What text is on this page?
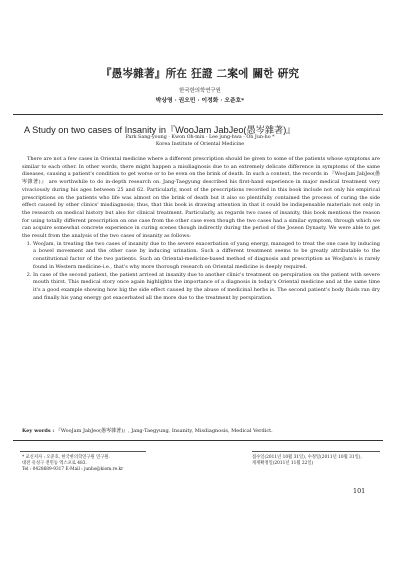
『愚岑雜著』所在 狂證 二案에 關한 硏究
한국한의학연구원
박상영 · 권오민 · 이정화 · 오준호*
A Study on two cases of Insanity in『WooJam JabJeo(愚岑雜著)』
Park Sang-young · Kwon Oh-min · Lee jung-hwa · Oh Jun-ho *
Korea Institute of Oriental Medicine

There are not a few cases in Oriental medicine where a different prescription should be given to some of the patients whose symptoms are similar to each other. In other words, there might happen a misdiagnosis due to an extremely delicate difference in symptoms of the same diseases, causing a patient's condition to get worse or to be even on the brink of death. In such a context, the records in 『WooJam JabJeo(愚岑雜著)』 are worthwhile to do in-depth research on. Jang-Taegyung described his first-hand experience in major medical treatment very vivaciously during his ages between 25 and 62. Particularly, most of the prescriptions recorded in this book include not only his empirical prescriptions on the patients who life was almost on the brink of death but it also so plentifully contained the process of curing the side effect caused by other clinics' misdiagnosis; thus, that this book is drawing attention in that it could be indispensable materials not only in the research on medical history but also for clinical treatment. Particularly, as regards two cases of insanity, this book mentions the reason for using totally different prescription on one case from the other case even though the two cases had a similar symptom, through which we can acquire somewhat concrete experience in curing scenes though indirectly during the period of the Joseon Dynasty. We were able to get the result from the analysis of the two cases of insanity as follows:

1. WooJam, in treating the two cases of insanity due to the severe exacerbation of yang energy, managed to treat the one case by inducing a bowel movement and the other case by inducing urination. Such a different treatment seems to be greatly attributable to the constitutional factor of the two patients. Such an Oriental-medicine-based method of diagnosis and prescription as WooJam's is rarely found in Western medicine-i.e., that's why more thorough research on Oriental medicine is deeply required.
2. In case of the second patient, the patient arrived at insanity due to another clinic's treatment on perspiration on the patient with severe mouth thirst. This medical story once again highlights the importance of a diagnosis in today's Oriental medicine and at the same time it's a good example showing how big the side effect caused by the abuse of medicinal herbs is. The second patient's body fluids ran dry and finally his yang energy got exacerbated all the more due to the treatment by perspiration.
Key words : 『WooJam JabJeo(愚岑雜著)』, Jang-Taegyung, Insanity, Misdiagnosis, Medical Verdict.
* 교신저자 : 오준호, 한국한의학연구원 연구원.
대전 유성구 전민동 엑스포로 483.
Tel : 0428689-9317 E-Mail : junho@kiom.re.kr
접수일(2011년 10월 31일), 수정일(2011년 10월 31일),
게재확정일(2011년 11월 22일)
101
